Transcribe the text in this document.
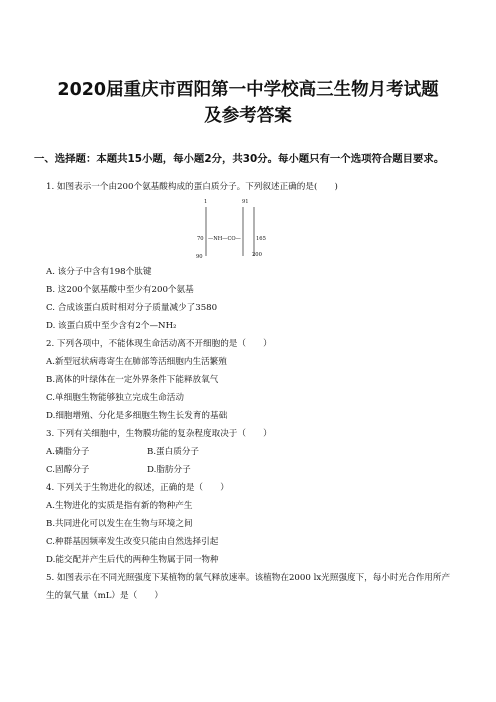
2020届重庆市酉阳第一中学校高三生物月考试题
及参考答案
一、选择题：本题共15小题，每小题2分，共30分。每小题只有一个选项符合题目要求。
1. 如图表示一个由200个氨基酸构成的蛋白质分子。下列叙述正确的是(　　)
1	91
70 —NH—CO—	165
90	200
A. 该分子中含有198个肽键
B. 这200个氨基酸中至少有200个氨基
C. 合成该蛋白质时相对分子质量减少了3580
D. 该蛋白质中至少含有2个—NH₂
2. 下列各项中，不能体现生命活动离不开细胞的是（　　）
A.新型冠状病毒寄生在肺部等活细胞内生活繁殖
B.离体的叶绿体在一定外界条件下能释放氧气
C.单细胞生物能够独立完成生命活动
D.细胞增殖、分化是多细胞生物生长发育的基础
3. 下列有关细胞中，生物膜功能的复杂程度取决于（　　）
A.磷脂分子	B.蛋白质分子
C.固醇分子	D.脂肪分子
4. 下列关于生物进化的叙述，正确的是（　　）
A.生物进化的实质是指有新的物种产生
B.共同进化可以发生在生物与环境之间
C.种群基因频率发生改变只能由自然选择引起
D.能交配并产生后代的两种生物属于同一物种
5. 如图表示在不同光照强度下某植物的氧气释放速率。该植物在2000 lx光照强度下，每小时光合作用所产
生的氧气量（mL）是（　　）
